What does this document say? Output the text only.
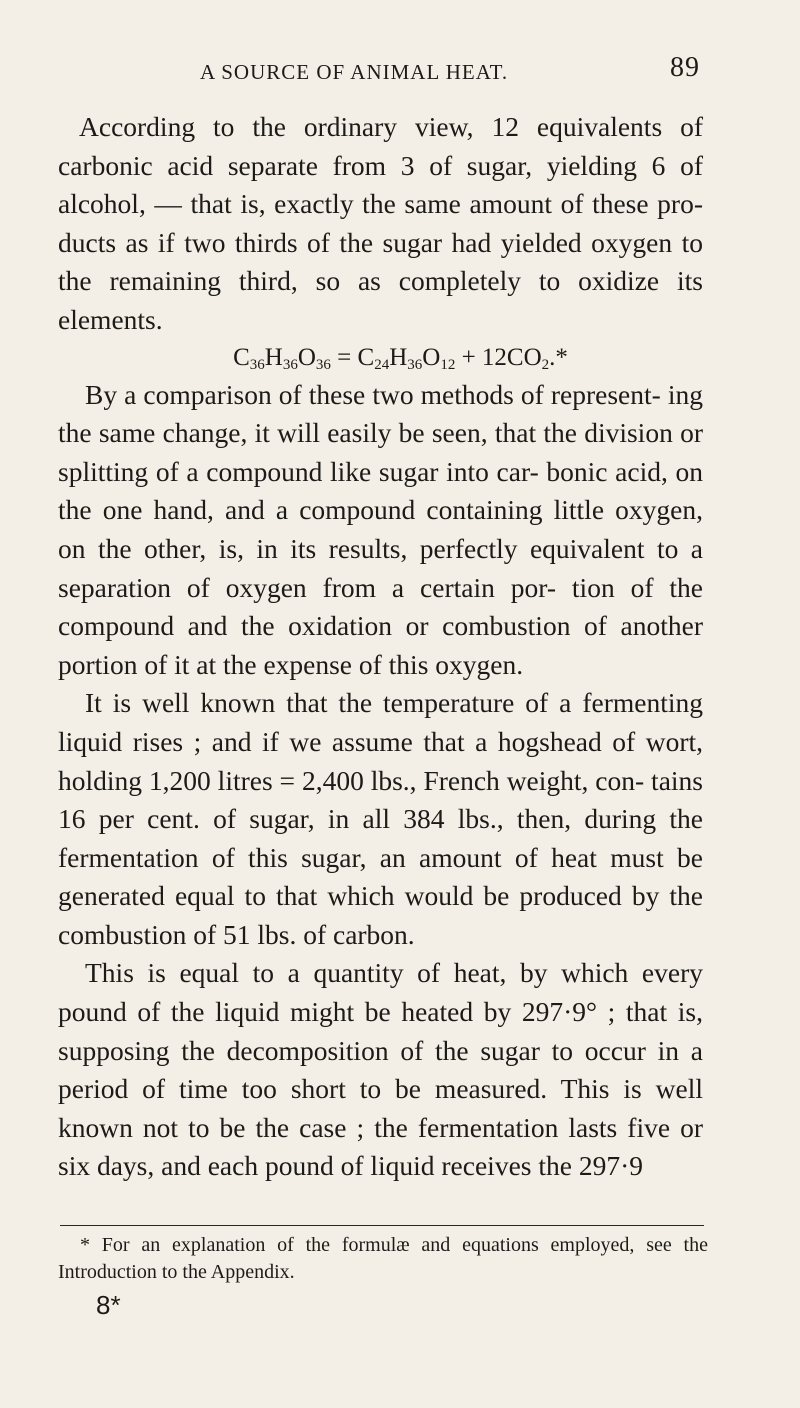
A SOURCE OF ANIMAL HEAT.	89

According to the ordinary view, 12 equivalents of carbonic acid separate from 3 of sugar, yielding 6 of alcohol, — that is, exactly the same amount of these pro- ducts as if two thirds of the sugar had yielded oxygen to the remaining third, so as completely to oxidize its elements.

$C_{36}H_{36}O_{36} = C_{24}H_{36}O_{12} + 12CO_2.*$

By a comparison of these two methods of represent- ing the same change, it will easily be seen, that the division or splitting of a compound like sugar into car- bonic acid, on the one hand, and a compound containing little oxygen, on the other, is, in its results, perfectly equivalent to a separation of oxygen from a certain por- tion of the compound and the oxidation or combustion of another portion of it at the expense of this oxygen.

It is well known that the temperature of a fermenting liquid rises ; and if we assume that a hogshead of wort, holding 1,200 litres = 2,400 lbs., French weight, con- tains 16 per cent. of sugar, in all 384 lbs., then, during the fermentation of this sugar, an amount of heat must be generated equal to that which would be produced by the combustion of 51 lbs. of carbon.

This is equal to a quantity of heat, by which every pound of the liquid might be heated by 297·9° ; that is, supposing the decomposition of the sugar to occur in a period of time too short to be measured. This is well known not to be the case ; the fermentation lasts five or six days, and each pound of liquid receives the 297·9

* For an explanation of the formulæ and equations employed, see the Introduction to the Appendix.

8*
